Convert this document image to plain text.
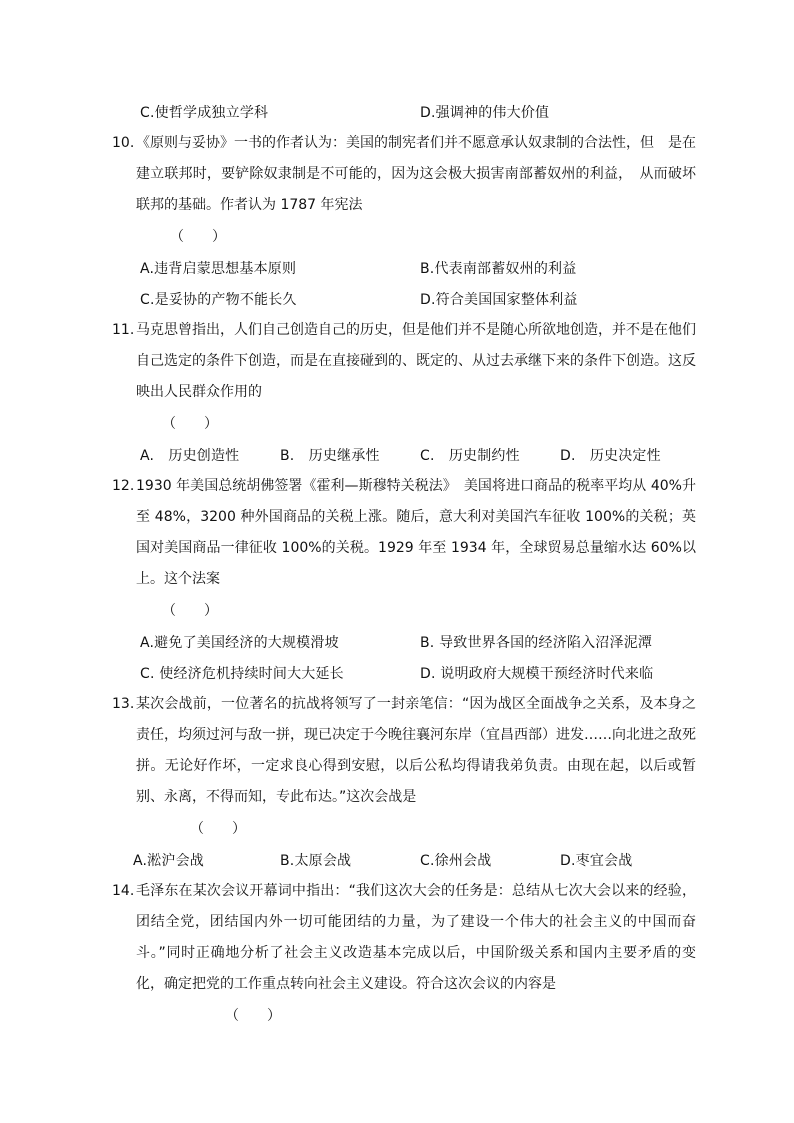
C.使哲学成独立学科	D.强调神的伟大价值
10. 《原则与妥协》一书的作者认为：美国的制宪者们并不愿意承认奴隶制的合法性，但　是在建立联邦时，要铲除奴隶制是不可能的，因为这会极大损害南部蓄奴州的利益，　从而破坏联邦的基础。作者认为 1787 年宪法
（　　）
A.违背启蒙思想基本原则	B.代表南部蓄奴州的利益
C.是妥协的产物不能长久	D.符合美国国家整体利益
11. 马克思曾指出，人们自己创造自己的历史，但是他们并不是随心所欲地创造，并不是在他们自己选定的条件下创造，而是在直接碰到的、既定的、从过去承继下来的条件下创造。这反映出人民群众作用的
（　　）
A.　历史创造性	B.　历史继承性	C.　历史制约性	D.　历史决定性
12. 1930 年美国总统胡佛签署《霍利—斯穆特关税法》　美国将进口商品的税率平均从 40%升至 48%，3200 种外国商品的关税上涨。随后，意大利对美国汽车征收 100%的关税；英国对美国商品一律征收 100%的关税。1929 年至 1934 年，全球贸易总量缩水达 60%以上。这个法案
（　　）
A.避免了美国经济的大规模滑坡	B. 导致世界各国的经济陷入沼泽泥潭
C. 使经济危机持续时间大大延长	D. 说明政府大规模干预经济时代来临
13. 某次会战前，一位著名的抗战将领写了一封亲笔信：“因为战区全面战争之关系，及本身之责任，均须过河与敌一拼，现已决定于今晚往襄河东岸（宜昌西部）进发……向北进之敌死拼。无论好作坏，一定求良心得到安慰，以后公私均得请我弟负责。由现在起，以后或暂别、永离，不得而知，专此布达。”这次会战是
（　　）
A.淞沪会战	B.太原会战	C.徐州会战	D.枣宜会战
14. 毛泽东在某次会议开幕词中指出：“我们这次大会的任务是：总结从七次大会以来的经验，团结全党，团结国内外一切可能团结的力量，为了建设一个伟大的社会主义的中国而奋斗。”同时正确地分析了社会主义改造基本完成以后，中国阶级关系和国内主要矛盾的变化，确定把党的工作重点转向社会主义建设。符合这次会议的内容是
（　　）
